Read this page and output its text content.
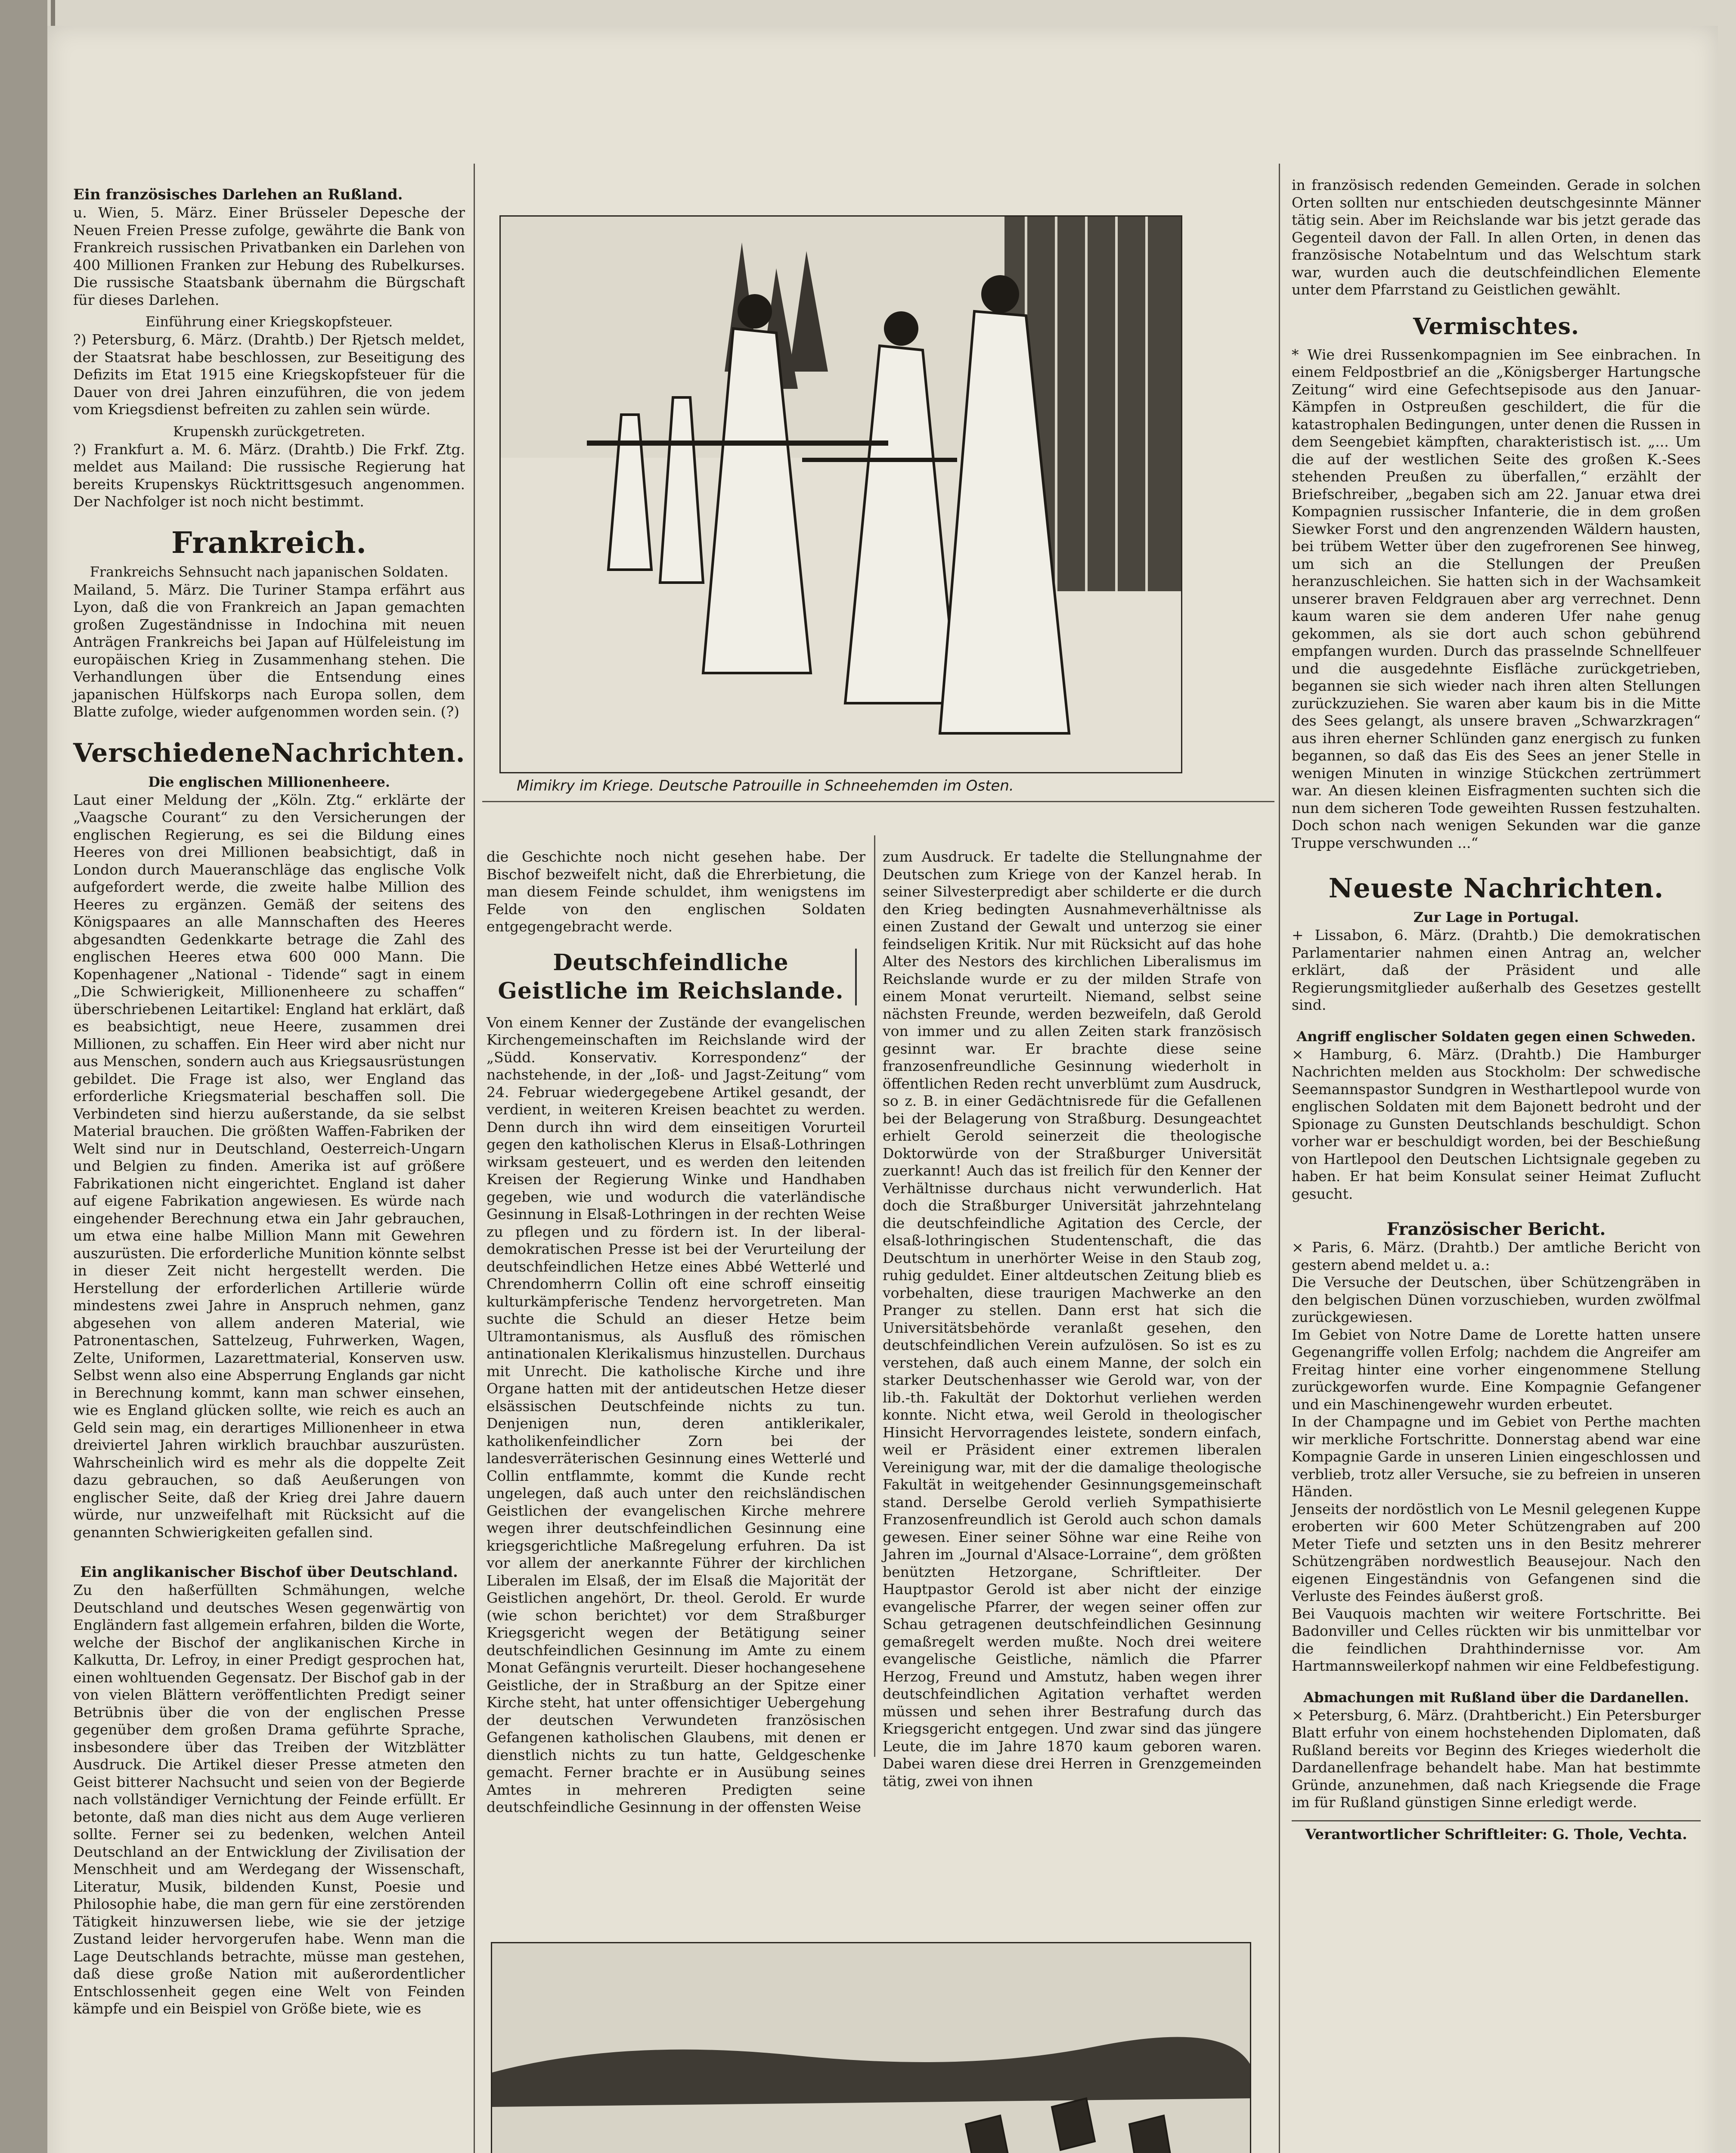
Ein französisches Darlehen an Rußland.

u. Wien, 5. März. Einer Brüsseler Depesche der Neuen Freien Presse zufolge, gewährte die Bank von Frankreich russischen Privatbanken ein Darlehen von 400 Millionen Franken zur Hebung des Rubelkurses. Die russische Staatsbank übernahm die Bürgschaft für dieses Darlehen.

Einführung einer Kriegskopfsteuer.

?) Petersburg, 6. März. (Drahtb.) Der Rjetsch meldet, der Staatsrat habe beschlossen, zur Beseitigung des Defizits im Etat 1915 eine Kriegskopfsteuer für die Dauer von drei Jahren einzuführen, die von jedem vom Kriegsdienst befreiten zu zahlen sein würde.

Krupenskh zurückgetreten.

?) Frankfurt a. M. 6. März. (Drahtb.) Die Frkf. Ztg. meldet aus Mailand: Die russische Regierung hat bereits Krupenskys Rücktrittsgesuch angenommen. Der Nachfolger ist noch nicht bestimmt.

Frankreich.
Frankreichs Sehnsucht nach japanischen Soldaten.

Mailand, 5. März. Die Turiner Stampa erfährt aus Lyon, daß die von Frankreich an Japan gemachten großen Zugeständnisse in Indochina mit neuen Anträgen Frankreichs bei Japan auf Hülfeleistung im europäischen Krieg in Zusammenhang stehen. Die Verhandlungen über die Entsendung eines japanischen Hülfskorps nach Europa sollen, dem Blatte zufolge, wieder aufgenommen worden sein. (?)

VerschiedeneNachrichten.
Die englischen Millionenheere.

Laut einer Meldung der „Köln. Ztg.“ erklärte der „Vaagsche Courant“ zu den Versicherungen der englischen Regierung, es sei die Bildung eines Heeres von drei Millionen beabsichtigt, daß in London durch Maueranschläge das englische Volk aufgefordert werde, die zweite halbe Million des Heeres zu ergänzen. Gemäß der seitens des Königspaares an alle Mannschaften des Heeres abgesandten Gedenkkarte betrage die Zahl des englischen Heeres etwa 600 000 Mann. Die Kopenhagener „National - Tidende“ sagt in einem „Die Schwierigkeit, Millionenheere zu schaffen“ überschriebenen Leitartikel: England hat erklärt, daß es beabsichtigt, neue Heere, zusammen drei Millionen, zu schaffen. Ein Heer wird aber nicht nur aus Menschen, sondern auch aus Kriegsausrüstungen gebildet. Die Frage ist also, wer England das erforderliche Kriegsmaterial beschaffen soll. Die Verbindeten sind hierzu außerstande, da sie selbst Material brauchen. Die größten Waffen-Fabriken der Welt sind nur in Deutschland, Oesterreich-Ungarn und Belgien zu finden. Amerika ist auf größere Fabrikationen nicht eingerichtet. England ist daher auf eigene Fabrikation angewiesen. Es würde nach eingehender Berechnung etwa ein Jahr gebrauchen, um etwa eine halbe Million Mann mit Gewehren auszurüsten. Die erforderliche Munition könnte selbst in dieser Zeit nicht hergestellt werden. Die Herstellung der erforderlichen Artillerie würde mindestens zwei Jahre in Anspruch nehmen, ganz abgesehen von allem anderen Material, wie Patronentaschen, Sattelzeug, Fuhrwerken, Wagen, Zelte, Uniformen, Lazarettmaterial, Konserven usw. Selbst wenn also eine Absperrung Englands gar nicht in Berechnung kommt, kann man schwer einsehen, wie es England glücken sollte, wie reich es auch an Geld sein mag, ein derartiges Millionenheer in etwa dreiviertel Jahren wirklich brauchbar auszurüsten. Wahrscheinlich wird es mehr als die doppelte Zeit dazu gebrauchen, so daß Aeußerungen von englischer Seite, daß der Krieg drei Jahre dauern würde, nur unzweifelhaft mit Rücksicht auf die genannten Schwierigkeiten gefallen sind.

Ein anglikanischer Bischof über Deutschland.

Zu den haßerfüllten Schmähungen, welche Deutschland und deutsches Wesen gegenwärtig von Engländern fast allgemein erfahren, bilden die Worte, welche der Bischof der anglikanischen Kirche in Kalkutta, Dr. Lefroy, in einer Predigt gesprochen hat, einen wohltuenden Gegensatz. Der Bischof gab in der von vielen Blättern veröffentlichten Predigt seiner Betrübnis über die von der englischen Presse gegenüber dem großen Drama geführte Sprache, insbesondere über das Treiben der Witzblätter Ausdruck. Die Artikel dieser Presse atmeten den Geist bitterer Nachsucht und seien von der Begierde nach vollständiger Vernichtung der Feinde erfüllt. Er betonte, daß man dies nicht aus dem Auge verlieren sollte. Ferner sei zu bedenken, welchen Anteil Deutschland an der Entwicklung der Zivilisation der Menschheit und am Werdegang der Wissenschaft, Literatur, Musik, bildenden Kunst, Poesie und Philosophie habe, die man gern für eine zerstörenden Tätigkeit hinzuwersen liebe, wie sie der jetzige Zustand leider hervorgerufen habe. Wenn man die Lage Deutschlands betrachte, müsse man gestehen, daß diese große Nation mit außerordentlicher Entschlossenheit gegen eine Welt von Feinden kämpfe und ein Beispiel von Größe biete, wie es

Mimikry im Kriege. Deutsche Patrouille in Schneehemden im Osten.

die Geschichte noch nicht gesehen habe. Der Bischof bezweifelt nicht, daß die Ehrerbietung, die man diesem Feinde schuldet, ihm wenigstens im Felde von den englischen Soldaten entgegengebracht werde.

Deutschfeindliche Geistliche im Reichslande.

Von einem Kenner der Zustände der evangelischen Kirchengemeinschaften im Reichslande wird der „Südd. Konservativ. Korrespondenz“ der nachstehende, in der „Ioß- und Jagst-Zeitung“ vom 24. Februar wiedergegebene Artikel gesandt, der verdient, in weiteren Kreisen beachtet zu werden. Denn durch ihn wird dem einseitigen Vorurteil gegen den katholischen Klerus in Elsaß-Lothringen wirksam gesteuert, und es werden den leitenden Kreisen der Regierung Winke und Handhaben gegeben, wie und wodurch die vaterländische Gesinnung in Elsaß-Lothringen in der rechten Weise zu pflegen und zu fördern ist. In der liberal-demokratischen Presse ist bei der Verurteilung der deutschfeindlichen Hetze eines Abbé Wetterlé und Chrendomherrn Collin oft eine schroff einseitig kulturkämpferische Tendenz hervorgetreten. Man suchte die Schuld an dieser Hetze beim Ultramontanismus, als Ausfluß des römischen antinationalen Klerikalismus hinzustellen. Durchaus mit Unrecht. Die katholische Kirche und ihre Organe hatten mit der antideutschen Hetze dieser elsässischen Deutschfeinde nichts zu tun. Denjenigen nun, deren antiklerikaler, katholikenfeindlicher Zorn bei der landesverräterischen Gesinnung eines Wetterlé und Collin entflammte, kommt die Kunde recht ungelegen, daß auch unter den reichsländischen Geistlichen der evangelischen Kirche mehrere wegen ihrer deutschfeindlichen Gesinnung eine kriegsgerichtliche Maßregelung erfuhren. Da ist vor allem der anerkannte Führer der kirchlichen Liberalen im Elsaß, der im Elsaß die Majorität der Geistlichen angehört, Dr. theol. Gerold. Er wurde (wie schon berichtet) vor dem Straßburger Kriegsgericht wegen der Betätigung seiner deutschfeindlichen Gesinnung im Amte zu einem Monat Gefängnis verurteilt. Dieser hochangesehene Geistliche, der in Straßburg an der Spitze einer Kirche steht, hat unter offensichtiger Uebergehung der deutschen Verwundeten französischen Gefangenen katholischen Glaubens, mit denen er dienstlich nichts zu tun hatte, Geldgeschenke gemacht. Ferner brachte er in Ausübung seines Amtes in mehreren Predigten seine deutschfeindliche Gesinnung in der offensten Weise

zum Ausdruck. Er tadelte die Stellungnahme der Deutschen zum Kriege von der Kanzel herab. In seiner Silvesterpredigt aber schilderte er die durch den Krieg bedingten Ausnahmeverhältnisse als einen Zustand der Gewalt und unterzog sie einer feindseligen Kritik. Nur mit Rücksicht auf das hohe Alter des Nestors des kirchlichen Liberalismus im Reichslande wurde er zu der milden Strafe von einem Monat verurteilt. Niemand, selbst seine nächsten Freunde, werden bezweifeln, daß Gerold von immer und zu allen Zeiten stark französisch gesinnt war. Er brachte diese seine franzosenfreundliche Gesinnung wiederholt in öffentlichen Reden recht unverblümt zum Ausdruck, so z. B. in einer Gedächtnisrede für die Gefallenen bei der Belagerung von Straßburg. Desungeachtet erhielt Gerold seinerzeit die theologische Doktorwürde von der Straßburger Universität zuerkannt! Auch das ist freilich für den Kenner der Verhältnisse durchaus nicht verwunderlich. Hat doch die Straßburger Universität jahrzehntelang die deutschfeindliche Agitation des Cercle, der elsaß-lothringischen Studentenschaft, die das Deutschtum in unerhörter Weise in den Staub zog, ruhig geduldet. Einer altdeutschen Zeitung blieb es vorbehalten, diese traurigen Machwerke an den Pranger zu stellen. Dann erst hat sich die Universitätsbehörde veranlaßt gesehen, den deutschfeindlichen Verein aufzulösen. So ist es zu verstehen, daß auch einem Manne, der solch ein starker Deutschenhasser wie Gerold war, von der lib.-th. Fakultät der Doktorhut verliehen werden konnte. Nicht etwa, weil Gerold in theologischer Hinsicht Hervorragendes leistete, sondern einfach, weil er Präsident einer extremen liberalen Vereinigung war, mit der die damalige theologische Fakultät in weitgehender Gesinnungsgemeinschaft stand. Derselbe Gerold verlieh Sympathisierte Franzosenfreundlich ist Gerold auch schon damals gewesen. Einer seiner Söhne war eine Reihe von Jahren im „Journal d'Alsace-Lorraine“, dem größten benützten Hetzorgane, Schriftleiter. Der Hauptpastor Gerold ist aber nicht der einzige evangelische Pfarrer, der wegen seiner offen zur Schau getragenen deutschfeindlichen Gesinnung gemaßregelt werden mußte. Noch drei weitere evangelische Geistliche, nämlich die Pfarrer Herzog, Freund und Amstutz, haben wegen ihrer deutschfeindlichen Agitation verhaftet werden müssen und sehen ihrer Bestrafung durch das Kriegsgericht entgegen. Und zwar sind das jüngere Leute, die im Jahre 1870 kaum geboren waren. Dabei waren diese drei Herren in Grenzgemeinden tätig, zwei von ihnen

in französisch redenden Gemeinden. Gerade in solchen Orten sollten nur entschieden deutschgesinnte Männer tätig sein. Aber im Reichslande war bis jetzt gerade das Gegenteil davon der Fall. In allen Orten, in denen das französische Notabelntum und das Welschtum stark war, wurden auch die deutschfeindlichen Elemente unter dem Pfarrstand zu Geistlichen gewählt.

Vermischtes.

* Wie drei Russenkompagnien im See einbrachen. In einem Feldpostbrief an die „Königsberger Hartungsche Zeitung“ wird eine Gefechtsepisode aus den Januar-Kämpfen in Ostpreußen geschildert, die für die katastrophalen Bedingungen, unter denen die Russen in dem Seengebiet kämpften, charakteristisch ist. „... Um die auf der westlichen Seite des großen K.-Sees stehenden Preußen zu überfallen,“ erzählt der Briefschreiber, „begaben sich am 22. Januar etwa drei Kompagnien russischer Infanterie, die in dem großen Siewker Forst und den angrenzenden Wäldern hausten, bei trübem Wetter über den zugefrorenen See hinweg, um sich an die Stellungen der Preußen heranzuschleichen. Sie hatten sich in der Wachsamkeit unserer braven Feldgrauen aber arg verrechnet. Denn kaum waren sie dem anderen Ufer nahe genug gekommen, als sie dort auch schon gebührend empfangen wurden. Durch das prasselnde Schnellfeuer und die ausgedehnte Eisfläche zurückgetrieben, begannen sie sich wieder nach ihren alten Stellungen zurückzuziehen. Sie waren aber kaum bis in die Mitte des Sees gelangt, als unsere braven „Schwarzkragen“ aus ihren eherner Schlünden ganz energisch zu funken begannen, so daß das Eis des Sees an jener Stelle in wenigen Minuten in winzige Stückchen zertrümmert war. An diesen kleinen Eisfragmenten suchten sich die nun dem sicheren Tode geweihten Russen festzuhalten. Doch schon nach wenigen Sekunden war die ganze Truppe verschwunden ...“

Neueste Nachrichten.
Zur Lage in Portugal.

+ Lissabon, 6. März. (Drahtb.) Die demokratischen Parlamentarier nahmen einen Antrag an, welcher erklärt, daß der Präsident und alle Regierungsmitglieder außerhalb des Gesetzes gestellt sind.

Angriff englischer Soldaten gegen einen Schweden.

× Hamburg, 6. März. (Drahtb.) Die Hamburger Nachrichten melden aus Stockholm: Der schwedische Seemannspastor Sundgren in Westhartlepool wurde von englischen Soldaten mit dem Bajonett bedroht und der Spionage zu Gunsten Deutschlands beschuldigt. Schon vorher war er beschuldigt worden, bei der Beschießung von Hartlepool den Deutschen Lichtsignale gegeben zu haben. Er hat beim Konsulat seiner Heimat Zuflucht gesucht.

Französischer Bericht.

× Paris, 6. März. (Drahtb.) Der amtliche Bericht von gestern abend meldet u. a.:

Die Versuche der Deutschen, über Schützengräben in den belgischen Dünen vorzuschieben, wurden zwölfmal zurückgewiesen.

Im Gebiet von Notre Dame de Lorette hatten unsere Gegenangriffe vollen Erfolg; nachdem die Angreifer am Freitag hinter eine vorher eingenommene Stellung zurückgeworfen wurde. Eine Kompagnie Gefangener und ein Maschinengewehr wurden erbeutet.

In der Champagne und im Gebiet von Perthe machten wir merkliche Fortschritte. Donnerstag abend war eine Kompagnie Garde in unseren Linien eingeschlossen und verblieb, trotz aller Versuche, sie zu befreien in unseren Händen.

Jenseits der nordöstlich von Le Mesnil gelegenen Kuppe eroberten wir 600 Meter Schützengraben auf 200 Meter Tiefe und setzten uns in den Besitz mehrerer Schützengräben nordwestlich Beausejour. Nach den eigenen Eingeständnis von Gefangenen sind die Verluste des Feindes äußerst groß.

Bei Vauquois machten wir weitere Fortschritte. Bei Badonviller und Celles rückten wir bis unmittelbar vor die feindlichen Drahthindernisse vor. Am Hartmannsweilerkopf nahmen wir eine Feldbefestigung.

Abmachungen mit Rußland über die Dardanellen.

× Petersburg, 6. März. (Drahtbericht.) Ein Petersburger Blatt erfuhr von einem hochstehenden Diplomaten, daß Rußland bereits vor Beginn des Krieges wiederholt die Dardanellenfrage behandelt habe. Man hat bestimmte Gründe, anzunehmen, daß nach Kriegsende die Frage im für Rußland günstigen Sinne erledigt werde.

Verantwortlicher Schriftleiter: G. Thole, Vechta.
